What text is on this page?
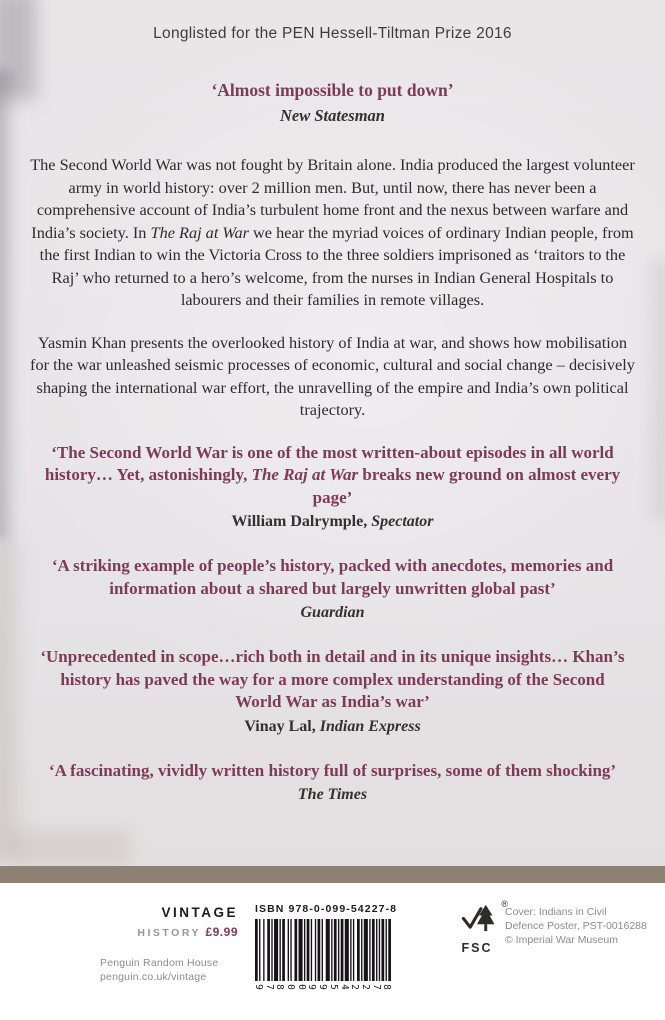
Longlisted for the PEN Hessell-Tiltman Prize 2016

‘Almost impossible to put down’

New Statesman

The Second World War was not fought by Britain alone. India produced the largest volunteer army in world history: over 2 million men. But, until now, there has never been a comprehensive account of India’s turbulent home front and the nexus between warfare and India’s society. In The Raj at War we hear the myriad voices of ordinary Indian people, from the first Indian to win the Victoria Cross to the three soldiers imprisoned as ‘traitors to the Raj’ who returned to a hero’s welcome, from the nurses in Indian General Hospitals to labourers and their families in remote villages.

Yasmin Khan presents the overlooked history of India at war, and shows how mobilisation for the war unleashed seismic processes of economic, cultural and social change – decisively shaping the international war effort, the unravelling of the empire and India’s own political trajectory.

‘The Second World War is one of the most written-about episodes in all world history… Yet, astonishingly, The Raj at War breaks new ground on almost every page’

William Dalrymple, Spectator

‘A striking example of people’s history, packed with anecdotes, memories and information about a shared but largely unwritten global past’

Guardian

‘Unprecedented in scope…rich both in detail and in its unique insights… Khan’s history has paved the way for a more complex understanding of the Second World War as India’s war’

Vinay Lal, Indian Express

‘A fascinating, vividly written history full of surprises, some of them shocking’

The Times

VINTAGE
HISTORY £9.99
Penguin Random House
penguin.co.uk/vintage
ISBN 978-0-099-54227-8
9 7 8 0 0 9 9 5 4 2 2 7 8
®
FSC
Cover: Indians in Civil
Defence Poster, PST-0016288
© Imperial War Museum
